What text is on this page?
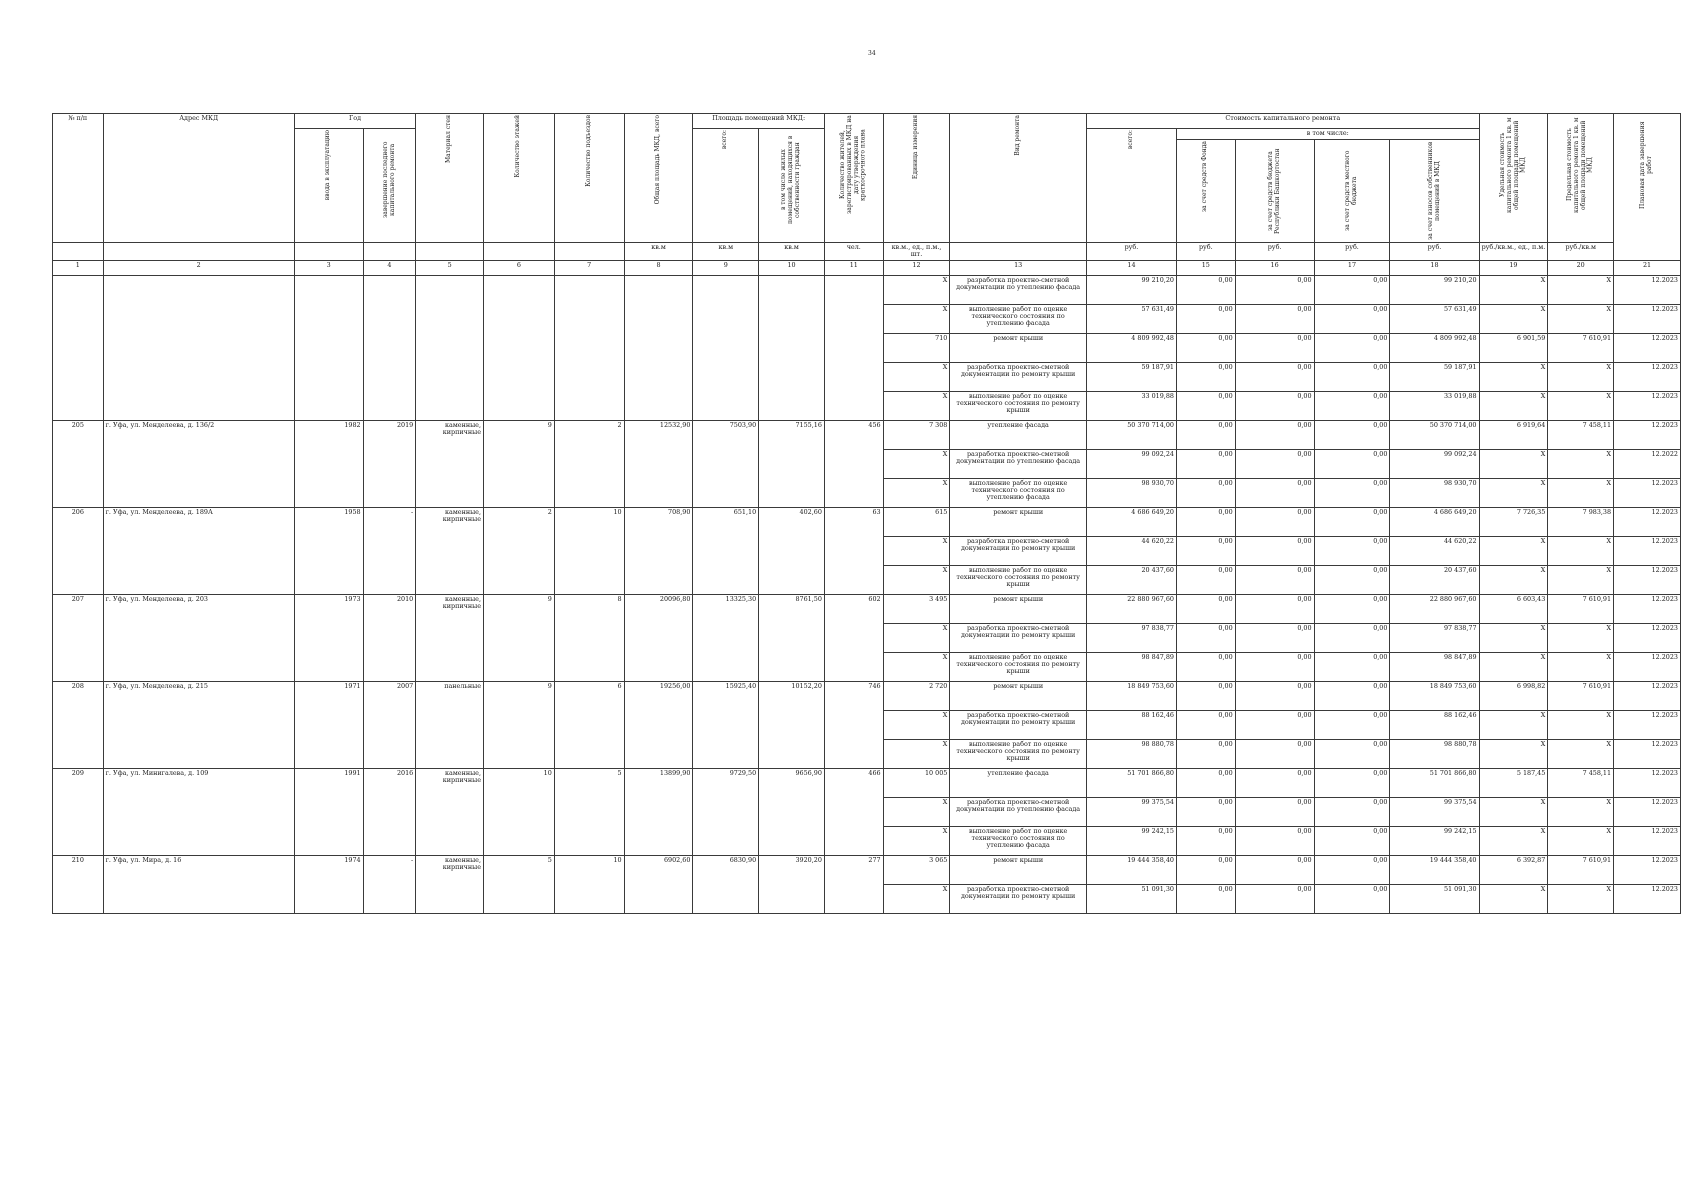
34
№ п/п	Адрес МКД	Год		Материал стен	Количество этажей	Количество подъездов	Общая площадь МКД, всего	Площадь помещений МКД:		Количество жителей, зарегистрированных в МКД на дату утверждения краткосрочного плана	Единица измерения	Вид ремонта	Стоимость капитального ремонта					Удельная стоимость капитального ремонта 1 кв. м общей площади помещений МКД	Предельная стоимость капитального ремонта 1 кв. м общей площади помещений МКД	Плановая дата завершения работ

		ввода в эксплуатацию	завершение последнего капитального ремонта					всего:	в том числе жилых помещений, находящихся в собственности граждан				всего:	в том числе:						

														за счет средств Фонда	за счет средств бюджета Республики Башкортостан	за счет средств местного бюджета	за счет взносов собственников помещений в МКД			

							кв.м	кв.м	кв.м	чел.	кв.м., ед., п.м., шт.		руб.	руб.	руб.	руб.	руб.	руб./кв.м., ед., п.м.	руб./кв.м	
1	2	3	4	5	6	7	8	9	10	11	12	13	14	15	16	17	18	19	20	21
											X	разработка проектно-сметной документации по утеплению фасада	99 210,20	0,00	0,00	0,00	99 210,20	X	X	12.2023
											X	выполнение работ по оценке технического состояния по утеплению фасада	57 631,49	0,00	0,00	0,00	57 631,49	X	X	12.2023
											710	ремонт крыши	4 809 992,48	0,00	0,00	0,00	4 809 992,48	6 901,59	7 610,91	12.2023
											X	разработка проектно-сметной документации по ремонту крыши	59 187,91	0,00	0,00	0,00	59 187,91	X	X	12.2023
											X	выполнение работ по оценке технического состояния по ремонту крыши	33 019,88	0,00	0,00	0,00	33 019,88	X	X	12.2023
205	г. Уфа, ул. Менделеева, д. 136/2	1982	2019	каменные, кирпичные	9	2	12532,90	7503,90	7155,16	456	7 308	утепление фасада	50 370 714,00	0,00	0,00	0,00	50 370 714,00	6 919,64	7 458,11	12.2023
											X	разработка проектно-сметной документации по утеплению фасада	99 092,24	0,00	0,00	0,00	99 092,24	X	X	12.2022
											X	выполнение работ по оценке технического состояния по утеплению фасада	98 930,70	0,00	0,00	0,00	98 930,70	X	X	12.2023
206	г. Уфа, ул. Менделеева, д. 189А	1958	-	каменные, кирпичные	2	10	708,90	651,10	402,60	63	615	ремонт крыши	4 686 649,20	0,00	0,00	0,00	4 686 649,20	7 726,35	7 983,38	12.2023
											X	разработка проектно-сметной документации по ремонту крыши	44 620,22	0,00	0,00	0,00	44 620,22	X	X	12.2023
											X	выполнение работ по оценке технического состояния по ремонту крыши	20 437,60	0,00	0,00	0,00	20 437,60	X	X	12.2023
207	г. Уфа, ул. Менделеева, д. 203	1973	2010	каменные, кирпичные	9	8	20096,80	13325,30	8761,50	602	3 495	ремонт крыши	22 880 967,60	0,00	0,00	0,00	22 880 967,60	6 603,43	7 610,91	12.2023
											X	разработка проектно-сметной документации по ремонту крыши	97 838,77	0,00	0,00	0,00	97 838,77	X	X	12.2023
											X	выполнение работ по оценке технического состояния по ремонту крыши	98 847,89	0,00	0,00	0,00	98 847,89	X	X	12.2023
208	г. Уфа, ул. Менделеева, д. 215	1971	2007	панельные	9	6	19256,00	15925,40	10152,20	746	2 720	ремонт крыши	18 849 753,60	0,00	0,00	0,00	18 849 753,60	6 998,82	7 610,91	12.2023
											X	разработка проектно-сметной документации по ремонту крыши	88 162,46	0,00	0,00	0,00	88 162,46	X	X	12.2023
											X	выполнение работ по оценке технического состояния по ремонту крыши	98 880,78	0,00	0,00	0,00	98 880,78	X	X	12.2023
209	г. Уфа, ул. Минигалева, д. 109	1991	2016	каменные, кирпичные	10	5	13899,90	9729,50	9656,90	466	10 005	утепление фасада	51 701 866,80	0,00	0,00	0,00	51 701 866,80	5 187,45	7 458,11	12.2023
											X	разработка проектно-сметной документации по утеплению фасада	99 375,54	0,00	0,00	0,00	99 375,54	X	X	12.2023
											X	выполнение работ по оценке технического состояния по утеплению фасада	99 242,15	0,00	0,00	0,00	99 242,15	X	X	12.2023
210	г. Уфа, ул. Мира, д. 16	1974	-	каменные, кирпичные	5	10	6902,60	6830,90	3920,20	277	3 065	ремонт крыши	19 444 358,40	0,00	0,00	0,00	19 444 358,40	6 392,87	7 610,91	12.2023
											X	разработка проектно-сметной документации по ремонту крыши	51 091,30	0,00	0,00	0,00	51 091,30	X	X	12.2023
